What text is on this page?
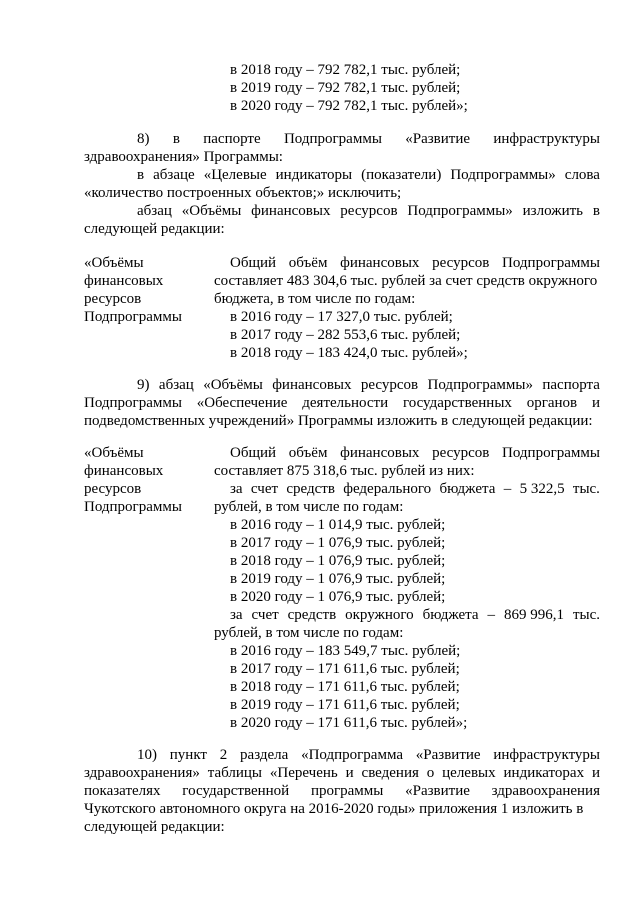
в 2018 году – 792 782,1 тыс. рублей;
в 2019 году – 792 782,1 тыс. рублей;
в 2020 году – 792 782,1 тыс. рублей»;
8) в паспорте Подпрограммы «Развитие инфраструктуры
здравоохранения» Программы:
в абзаце «Целевые индикаторы (показатели) Подпрограммы» слова
«количество построенных объектов;» исключить;
абзац «Объёмы финансовых ресурсов Подпрограммы» изложить в
следующей редакции:
«Объёмы
финансовых
ресурсов
Подпрограммы
Общий объём финансовых ресурсов Подпрограммы
составляет 483 304,6 тыс. рублей за счет средств окружного
бюджета, в том числе по годам:
в 2016 году – 17 327,0 тыс. рублей;
в 2017 году – 282 553,6 тыс. рублей;
в 2018 году – 183 424,0 тыс. рублей»;
9) абзац «Объёмы финансовых ресурсов Подпрограммы» паспорта
Подпрограммы «Обеспечение деятельности государственных органов и
подведомственных учреждений» Программы изложить в следующей редакции:
«Объёмы
финансовых
ресурсов
Подпрограммы
Общий объём финансовых ресурсов Подпрограммы
составляет 875 318,6 тыс. рублей из них:
за счет средств федерального бюджета – 5 322,5 тыс.
рублей, в том числе по годам:
в 2016 году – 1 014,9 тыс. рублей;
в 2017 году – 1 076,9 тыс. рублей;
в 2018 году – 1 076,9 тыс. рублей;
в 2019 году – 1 076,9 тыс. рублей;
в 2020 году – 1 076,9 тыс. рублей;
за счет средств окружного бюджета – 869 996,1 тыс.
рублей, в том числе по годам:
в 2016 году – 183 549,7 тыс. рублей;
в 2017 году – 171 611,6 тыс. рублей;
в 2018 году – 171 611,6 тыс. рублей;
в 2019 году – 171 611,6 тыс. рублей;
в 2020 году – 171 611,6 тыс. рублей»;
10) пункт 2 раздела «Подпрограмма «Развитие инфраструктуры
здравоохранения» таблицы «Перечень и сведения о целевых индикаторах и
показателях государственной программы «Развитие здравоохранения
Чукотского автономного округа на 2016-2020 годы» приложения 1 изложить в
следующей редакции:
